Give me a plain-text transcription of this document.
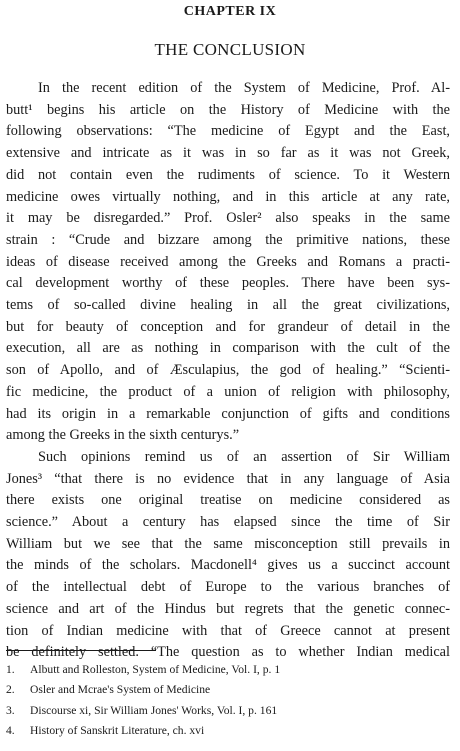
CHAPTER IX
THE CONCLUSION
In the recent edition of the System of Medicine, Prof. Al-
butt¹ begins his article on the History of Medicine with the
following observations: “The medicine of Egypt and the East,
extensive and intricate as it was in so far as it was not Greek,
did not contain even the rudiments of science. To it Western
medicine owes virtually nothing, and in this article at any rate,
it may be disregarded.” Prof. Osler² also speaks in the same
strain : “Crude and bizzare among the primitive nations, these
ideas of disease received among the Greeks and Romans a practi-
cal development worthy of these peoples. There have been sys-
tems of so-called divine healing in all the great civilizations,
but for beauty of conception and for grandeur of detail in the
execution, all are as nothing in comparison with the cult of the
son of Apollo, and of Æsculapius, the god of healing.” “Scienti-
fic medicine, the product of a union of religion with philosophy,
had its origin in a remarkable conjunction of gifts and conditions
among the Greeks in the sixth centurys.”
Such opinions remind us of an assertion of Sir William
Jones³ “that there is no evidence that in any language of Asia
there exists one original treatise on medicine considered as
science.” About a century has elapsed since the time of Sir
William but we see that the same misconception still prevails in
the minds of the scholars. Macdonell⁴ gives us a succinct account
of the intellectual debt of Europe to the various branches of
science and art of the Hindus but regrets that the genetic connec-
tion of Indian medicine with that of Greece cannot at present
be definitely settled. “The question as to whether Indian medical
1. Albutt and Rolleston, System of Medicine, Vol. I, p. 1
2. Osler and Mcrae's System of Medicine
3. Discourse xi, Sir William Jones' Works, Vol. I, p. 161
4. History of Sanskrit Literature, ch. xvi
